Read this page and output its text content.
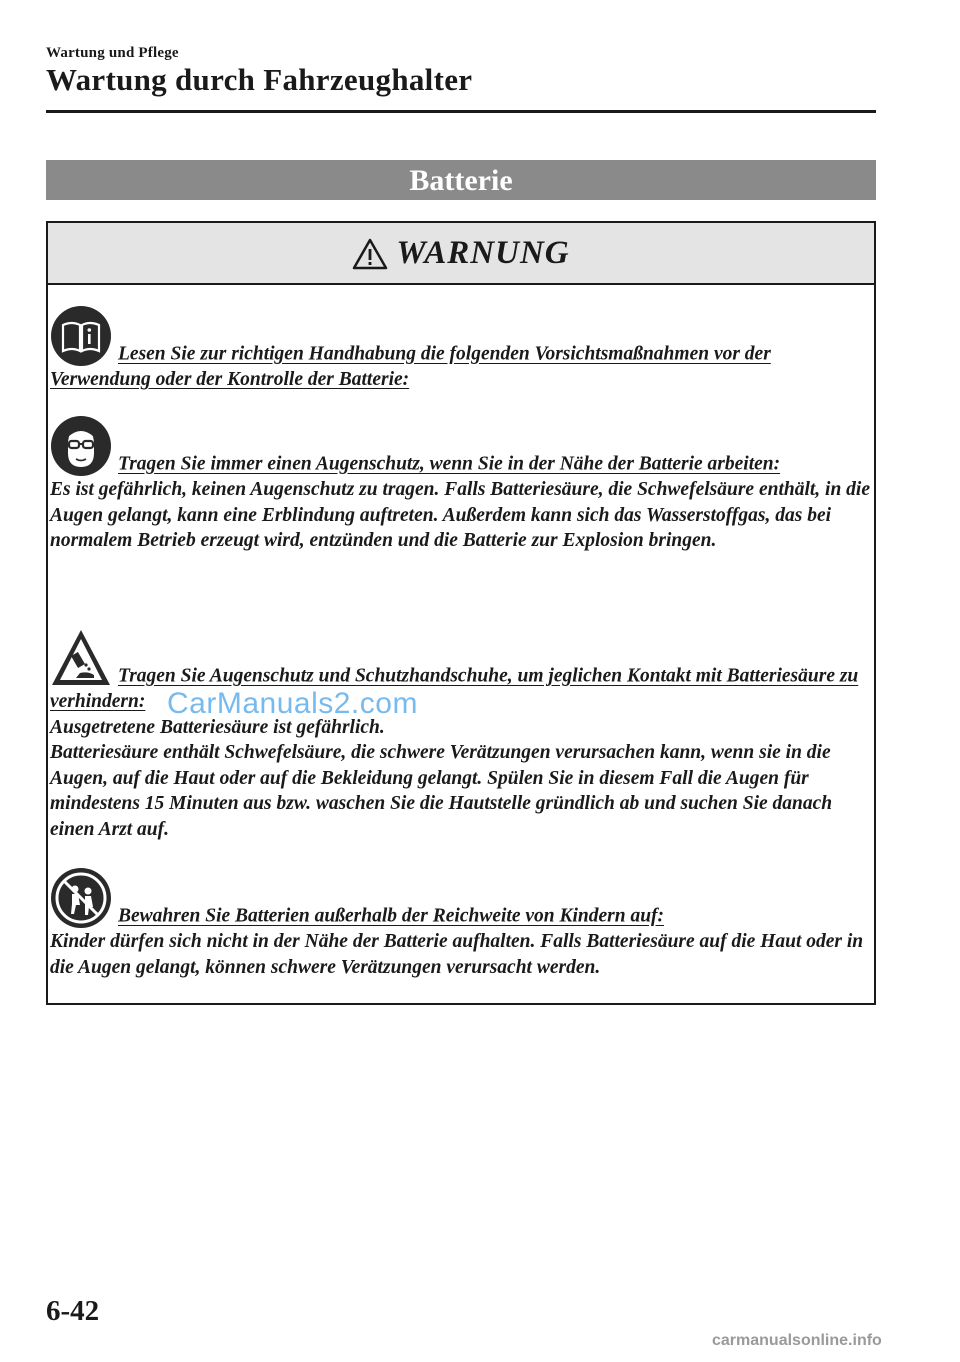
Wartung und Pflege
Wartung durch Fahrzeughalter
Batterie
WARNUNG
Lesen Sie zur richtigen Handhabung die folgenden Vorsichtsmaßnahmen vor der Verwendung oder der Kontrolle der Batterie:
Tragen Sie immer einen Augenschutz, wenn Sie in der Nähe der Batterie arbeiten:
Es ist gefährlich, keinen Augenschutz zu tragen. Falls Batteriesäure, die Schwefelsäure enthält, in die Augen gelangt, kann eine Erblindung auftreten. Außerdem kann sich das Wasserstoffgas, das bei normalem Betrieb erzeugt wird, entzünden und die Batterie zur Explosion bringen.
Tragen Sie Augenschutz und Schutzhandschuhe, um jeglichen Kontakt mit Batteriesäure zu verhindern:
Ausgetretene Batteriesäure ist gefährlich.
Batteriesäure enthält Schwefelsäure, die schwere Verätzungen verursachen kann, wenn sie in die Augen, auf die Haut oder auf die Bekleidung gelangt. Spülen Sie in diesem Fall die Augen für mindestens 15 Minuten aus bzw. waschen Sie die Hautstelle gründlich ab und suchen Sie danach einen Arzt auf.
Bewahren Sie Batterien außerhalb der Reichweite von Kindern auf:
Kinder dürfen sich nicht in der Nähe der Batterie aufhalten. Falls Batteriesäure auf die Haut oder in die Augen gelangt, können schwere Verätzungen verursacht werden.
CarManuals2.com
6-42
carmanualsonline.info
